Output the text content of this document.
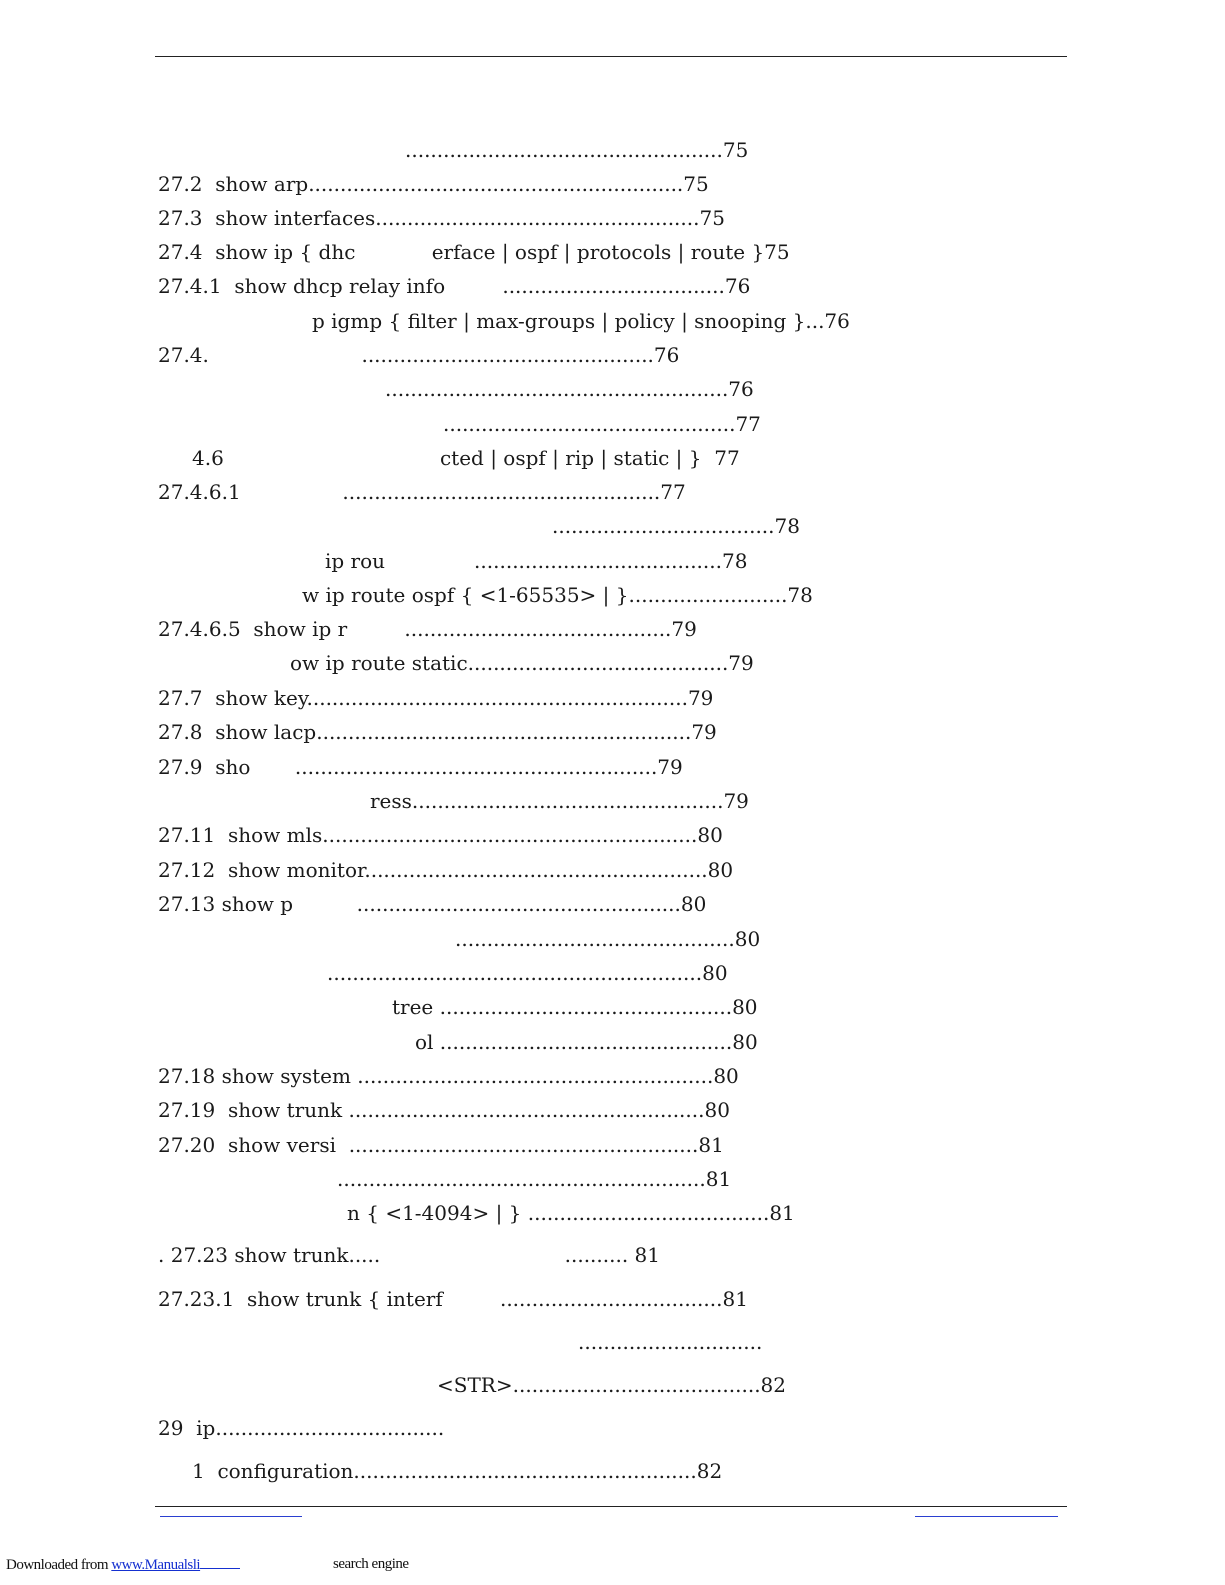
..................................................75
27.2  show arp...........................................................75
27.3  show interfaces...................................................75
27.4  show ip { dhc            erface | ospf | protocols | route }75
27.4.1  show dhcp relay info         ...................................76
p igmp { filter | max-groups | policy | snooping }...76
27.4.                        ..............................................76
......................................................76
..............................................77
4.6                                  cted | ospf | rip | static | }  77
27.4.6.1                ..................................................77
...................................78
ip rou              .......................................78
w ip route ospf { <1-65535> | }.........................78
27.4.6.5  show ip r         ..........................................79
ow ip route static.........................................79
27.7  show key............................................................79
27.8  show lacp...........................................................79
27.9  sho       .........................................................79
ress.................................................79
27.11  show mls...........................................................80
27.12  show monitor......................................................80
27.13 show p          ...................................................80
............................................80
...........................................................80
tree ..............................................80
ol ..............................................80
27.18 show system ........................................................80
27.19  show trunk ........................................................80
27.20  show versi  .......................................................81
..........................................................81
n { <1-4094> | } ......................................81
. 27.23 show trunk.....                             .......... 81
27.23.1  show trunk { interf         ...................................81
.............................
<STR>.......................................82
29  ip....................................
1  configuration......................................................82
Downloaded from www.Manualsli	search engine
